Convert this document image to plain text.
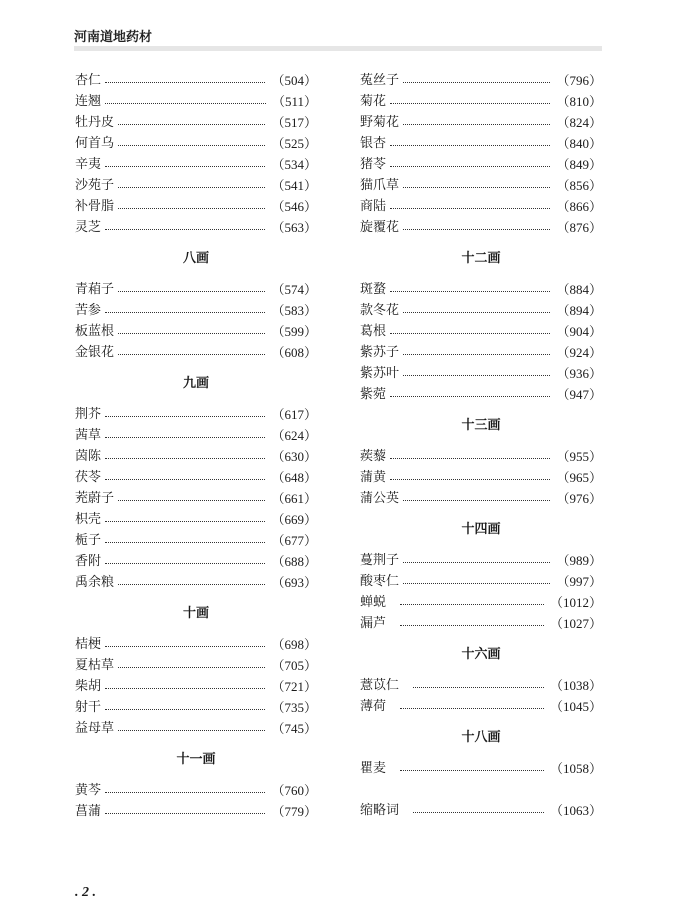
河南道地药材
杏仁	（504）
连翘	（511）
牡丹皮	（517）
何首乌	（525）
辛夷	（534）
沙苑子	（541）
补骨脂	（546）
灵芝	（563）
八画
青葙子	（574）
苦参	（583）
板蓝根	（599）
金银花	（608）
九画
荆芥	（617）
茜草	（624）
茵陈	（630）
茯苓	（648）
茺蔚子	（661）
枳壳	（669）
栀子	（677）
香附	（688）
禹余粮	（693）
十画
桔梗	（698）
夏枯草	（705）
柴胡	（721）
射干	（735）
益母草	（745）
十一画
黄芩	（760）
菖蒲	（779）
菟丝子	（796）
菊花	（810）
野菊花	（824）
银杏	（840）
猪苓	（849）
猫爪草	（856）
商陆	（866）
旋覆花	（876）
十二画
斑蝥	（884）
款冬花	（894）
葛根	（904）
紫苏子	（924）
紫苏叶	（936）
紫菀	（947）
十三画
蒺藜	（955）
蒲黄	（965）
蒲公英	（976）
十四画
蔓荆子	（989）
酸枣仁	（997）
蝉蜕	（1012）
漏芦	（1027）
十六画
薏苡仁	（1038）
薄荷	（1045）
十八画
瞿麦	（1058）
缩略词	（1063）
. 2 .
